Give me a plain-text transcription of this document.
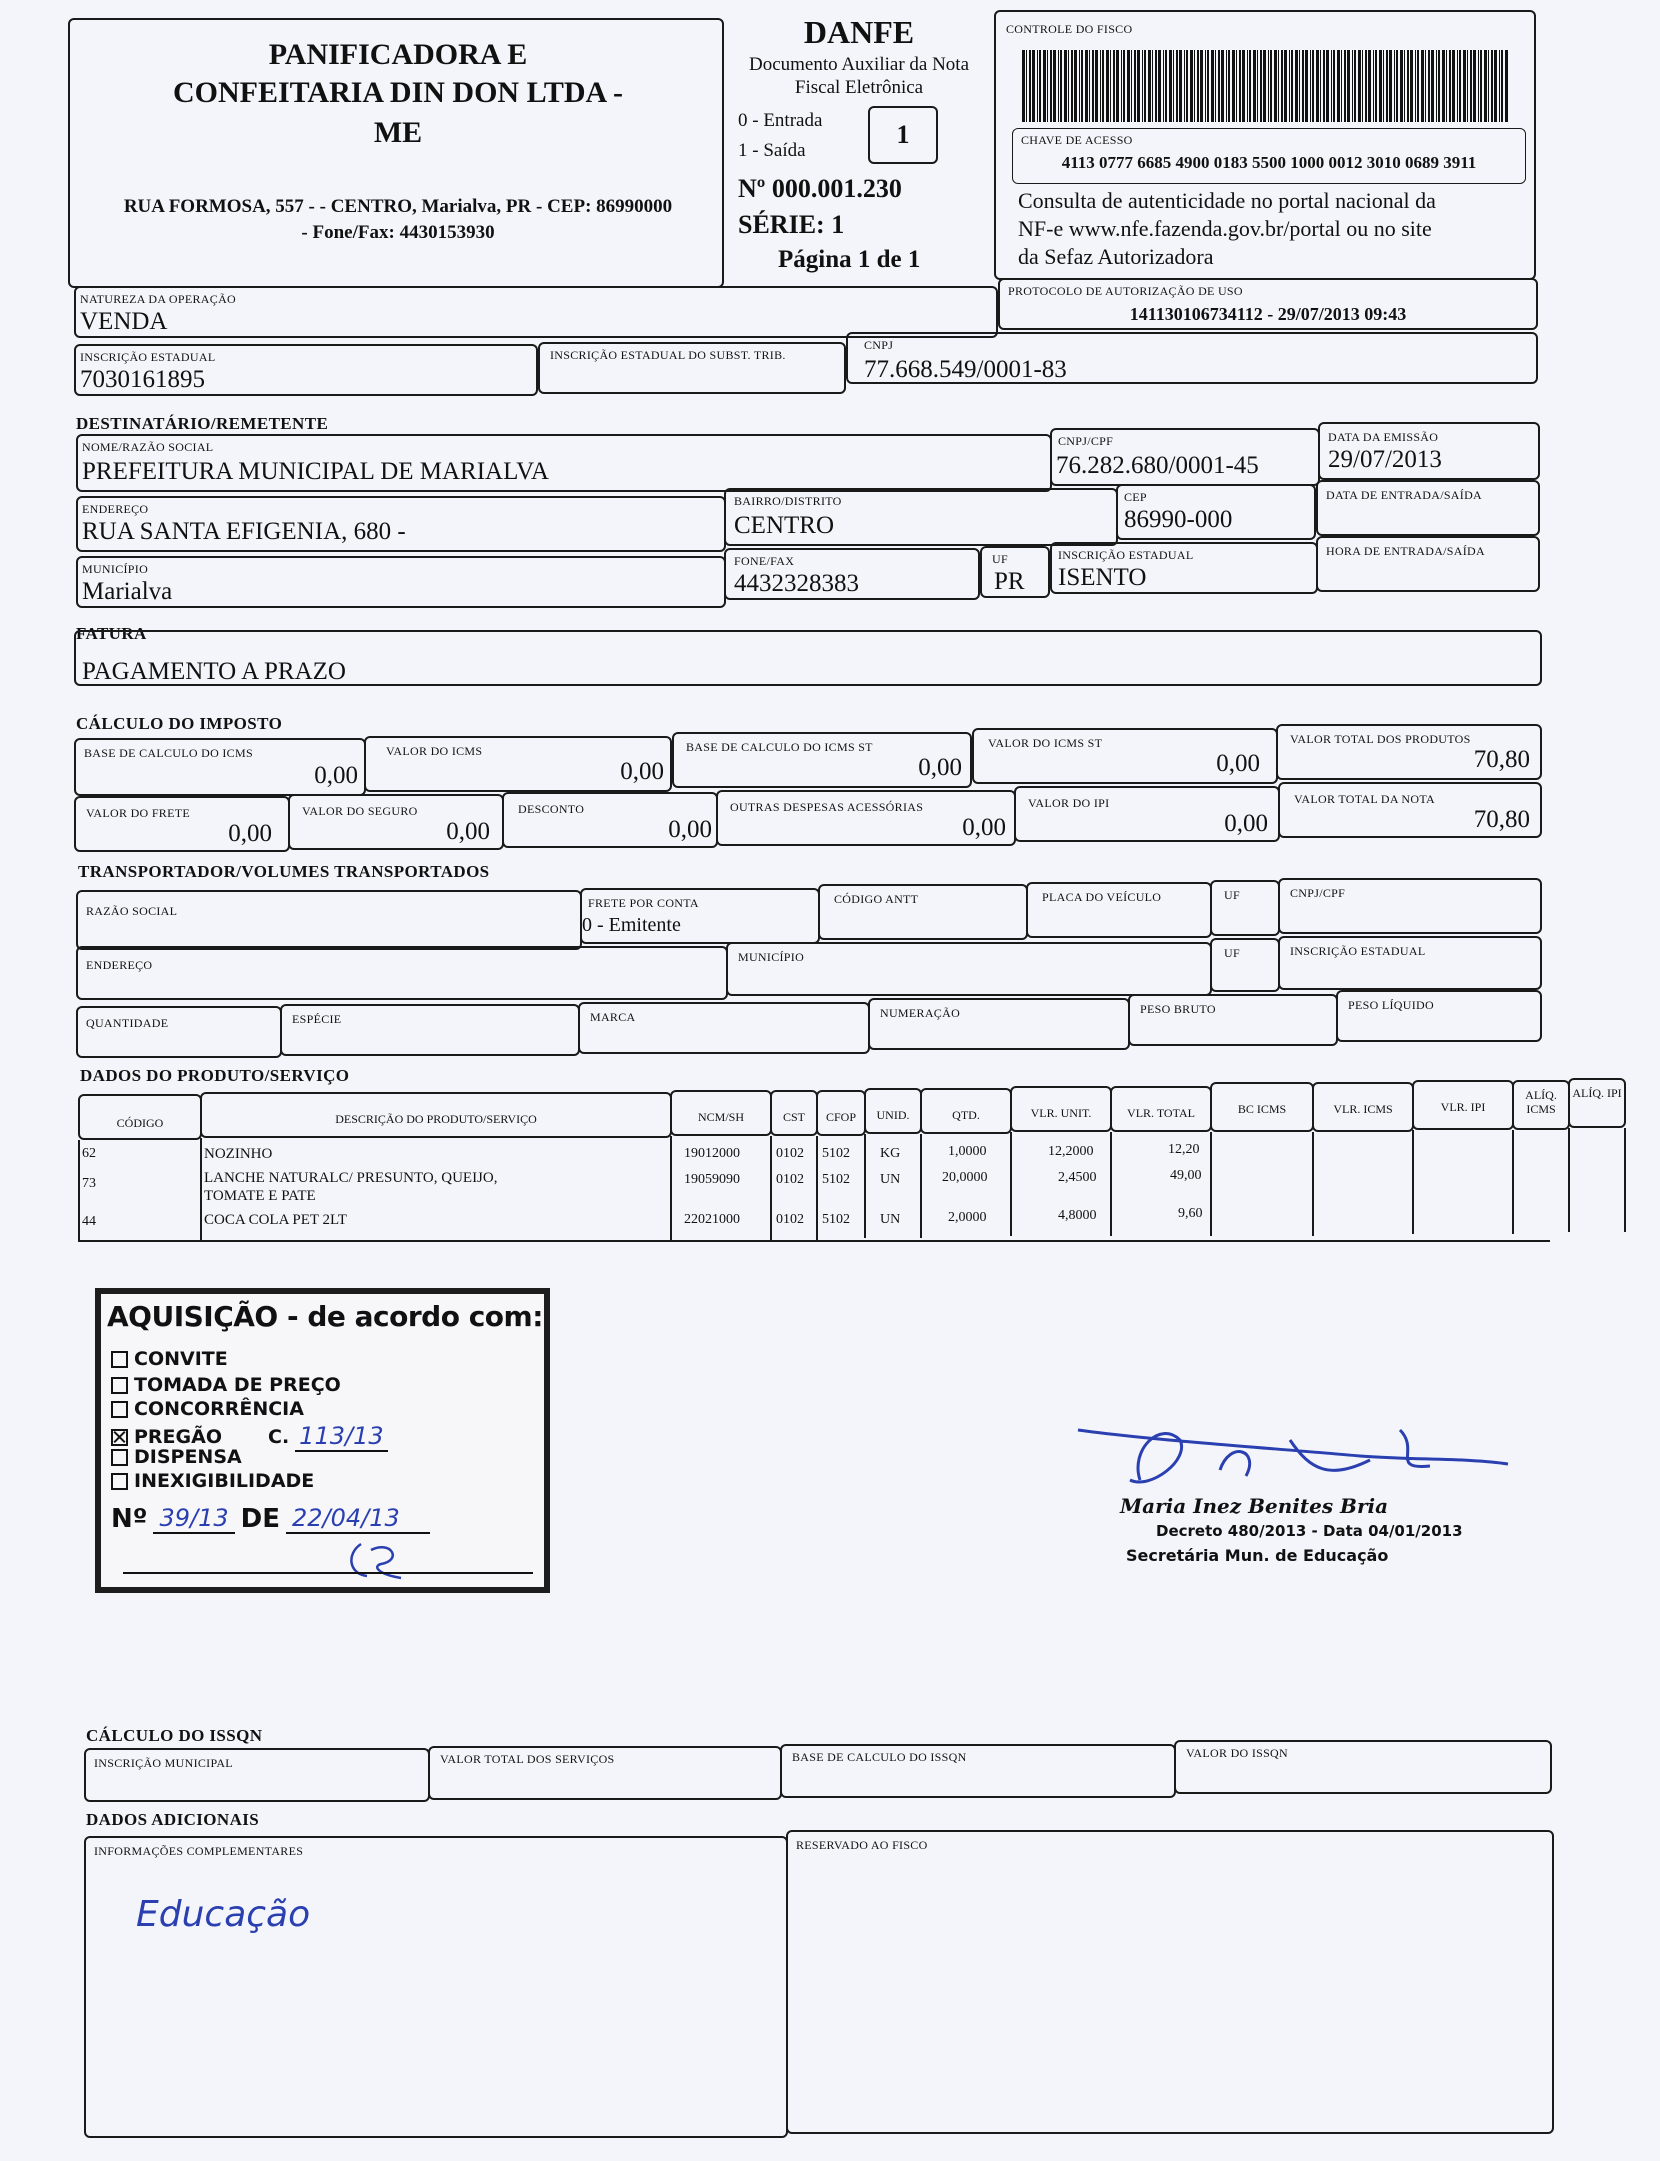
PANIFICADORA E
CONFEITARIA DIN DON LTDA -
ME
RUA FORMOSA, 557 - - CENTRO, Marialva, PR - CEP: 86990000
- Fone/Fax: 4430153930
DANFE
Documento Auxiliar da Nota
Fiscal Eletrônica
0 - Entrada
1 - Saída
1
Nº 000.001.230
SÉRIE: 1
Página 1 de 1
CONTROLE DO FISCO
CHAVE DE ACESSO
4113 0777 6685 4900 0183 5500 1000 0012 3010 0689 3911
Consulta de autenticidade no portal nacional da
NF-e www.nfe.fazenda.gov.br/portal ou no site
da Sefaz Autorizadora
NATUREZA DA OPERAÇÃO
VENDA
PROTOCOLO DE AUTORIZAÇÃO DE USO
141130106734112 - 29/07/2013 09:43
INSCRIÇÃO ESTADUAL
7030161895
INSCRIÇÃO ESTADUAL DO SUBST. TRIB.
CNPJ
77.668.549/0001-83
DESTINATÁRIO/REMETENTE
NOME/RAZÃO SOCIAL
PREFEITURA MUNICIPAL DE MARIALVA
CNPJ/CPF
76.282.680/0001-45
DATA DA EMISSÃO
29/07/2013
ENDEREÇO
RUA SANTA EFIGENIA, 680 -
BAIRRO/DISTRITO
CENTRO
CEP
86990-000
DATA DE ENTRADA/SAÍDA
MUNICÍPIO
Marialva
FONE/FAX
4432328383
UF
PR
INSCRIÇÃO ESTADUAL
ISENTO
HORA DE ENTRADA/SAÍDA
FATURA
PAGAMENTO A PRAZO
CÁLCULO DO IMPOSTO
BASE DE CALCULO DO ICMS
0,00
VALOR DO ICMS
0,00
BASE DE CALCULO DO ICMS ST
0,00
VALOR DO ICMS ST
0,00
VALOR TOTAL DOS PRODUTOS
70,80
VALOR DO FRETE
0,00
VALOR DO SEGURO
0,00
DESCONTO
0,00
OUTRAS DESPESAS ACESSÓRIAS
0,00
VALOR DO IPI
0,00
VALOR TOTAL DA NOTA
70,80
TRANSPORTADOR/VOLUMES TRANSPORTADOS
RAZÃO SOCIAL
FRETE POR CONTA
0 - Emitente
CÓDIGO ANTT	PLACA DO VEÍCULO	UF	CNPJ/CPF
ENDEREÇO
MUNICÍPIO	UF	INSCRIÇÃO ESTADUAL
QUANTIDADE	ESPÉCIE	MARCA	NUMERAÇÃO	PESO BRUTO	PESO LÍQUIDO
DADOS DO PRODUTO/SERVIÇO
CÓDIGO	DESCRIÇÃO DO PRODUTO/SERVIÇO	NCM/SH	CST	CFOP	UNID.	QTD.	VLR. UNIT.	VLR. TOTAL	BC ICMS	VLR. ICMS	VLR. IPI
ALÍQ. ICMS
ALÍQ. IPI
62	NOZINHO	19012000	0102 5102 KG	1,0000	12,2000	12,20
73	LANCHE NATURALC/ PRESUNTO, QUEIJO,
TOMATE E PATE
19059090	0102 5102 UN	20,0000	2,4500	49,00
44	COCA COLA PET 2LT	22021000	0102 5102 UN	2,0000	4,8000	9,60
AQUISIÇÃO - de acordo com:
CONVITE
TOMADA DE PREÇO
CONCORRÊNCIA
PREGÃO C. 113/13
DISPENSA
INEXIGIBILIDADE
Nº 39/13 DE 22/04/13	Maria Inez Benites Bria
Decreto 480/2013 - Data 04/01/2013
Secretária Mun. de Educação
CÁLCULO DO ISSQN
INSCRIÇÃO MUNICIPAL	VALOR TOTAL DOS SERVIÇOS	BASE DE CALCULO DO ISSQN	VALOR DO ISSQN
DADOS ADICIONAIS
INFORMAÇÕES COMPLEMENTARES
Educação
RESERVADO AO FISCO
